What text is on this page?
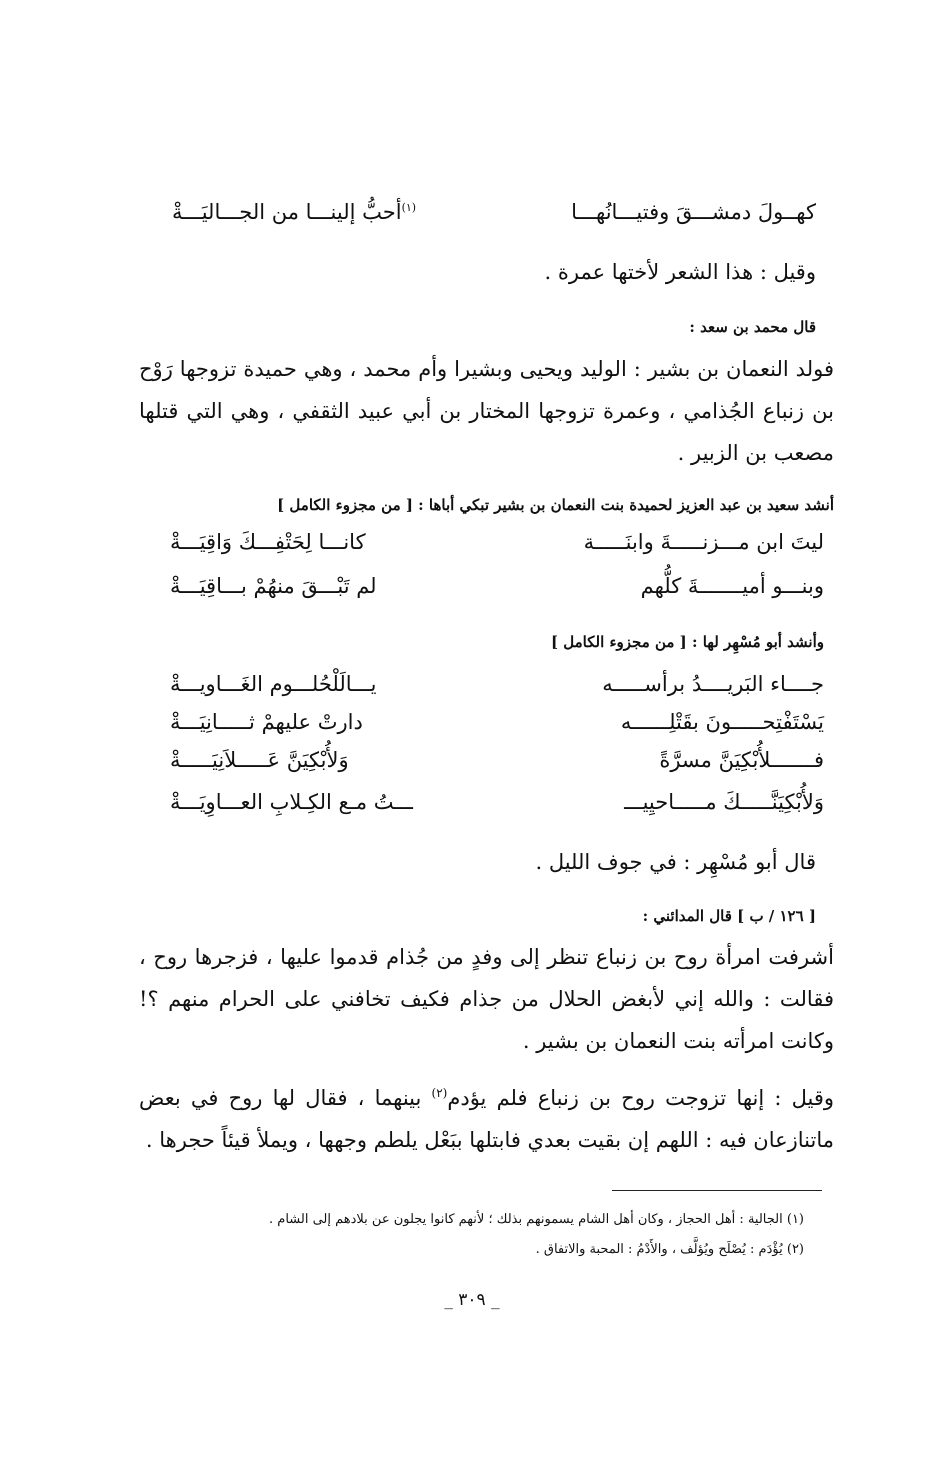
كهــولَ دمشـــقَ وفتيـــانُهـــا
$^{(١)}$أحبُّ إلينـــا من الجـــاليَـــةْ
وقيل : هذا الشعر لأختها عمرة .
قال محمد بن سعد :
فولد النعمان بن بشير : الوليد ويحيى وبشيرا وأم محمد ، وهي حميدة تزوجها رَوْح بن زنباع الجُذامي ، وعمرة تزوجها المختار بن أبي عبيد الثقفي ، وهي التي قتلها مصعب بن الزبير .
أنشد سعيد بن عبد العزيز لحميدة بنت النعمان بن بشير تبكي أباها : [ من مجزوء الكامل ]
ليتَ ابن مـــزنـــــةَ وابنَـــــة
كانـــا لِحَتْفِـــكَ وَاقِيَـــةْ
وبنـــو أميـــــــةَ كلُّهم
لم تَبْـــقَ منهُمْ بـــاقِيَـــةْ
وأنشد أبو مُسْهِر لها : [ من مجزوء الكامل ]
جــــاء البَريــــدُ برأســـــه
يـــالَلْحُلـــوم الغَـــاويـــةْ
يَسْتَفْتِحـــــونَ بقَتْلِــــــه
دارتْ عليهمْ ثـــــانِيَـــةْ
فـــــــلأُبْكِيَنَّ مسرَّةً
وَلأُبْكِيَنَّ عَـــــلاَنِيَـــــةْ
وَلأُبْكِيَنَّـــــكَ مـــــاحيِيـــ
ـــتُ مـع الكِـلابِ العـــاوِيَـــةْ
قال أبو مُسْهِر : في جوف الليل .
[ ١٢٦ / ب ] قال المدائني :
أشرفت امرأة روح بن زنباع تنظر إلى وفدٍ من جُذام قدموا عليها ، فزجرها روح ، فقالت : والله إني لأبغض الحلال من جذام فكيف تخافني على الحرام منهم ؟! وكانت امرأته بنت النعمان بن بشير .
وقيل : إنها تزوجت روح بن زنباع فلم يؤدم$^{(٢)}$ بينهما ، فقال لها روح في بعض ماتنازعان فيه : اللهم إن بقيت بعدي فابتلها ببَعْل يلطم وجهها ، ويملأ قيئاً حجرها .
(١) الجالية : أهل الحجاز ، وكان أهل الشام يسمونهم بذلك ؛ لأنهم كانوا يجلون عن بلادهم إلى الشام .
(٢) يُؤْدَم : يُصْلَح ويُؤلَّف ، والأَدْمُ : المحبة والاتفاق .
_ ٣٠٩ _
